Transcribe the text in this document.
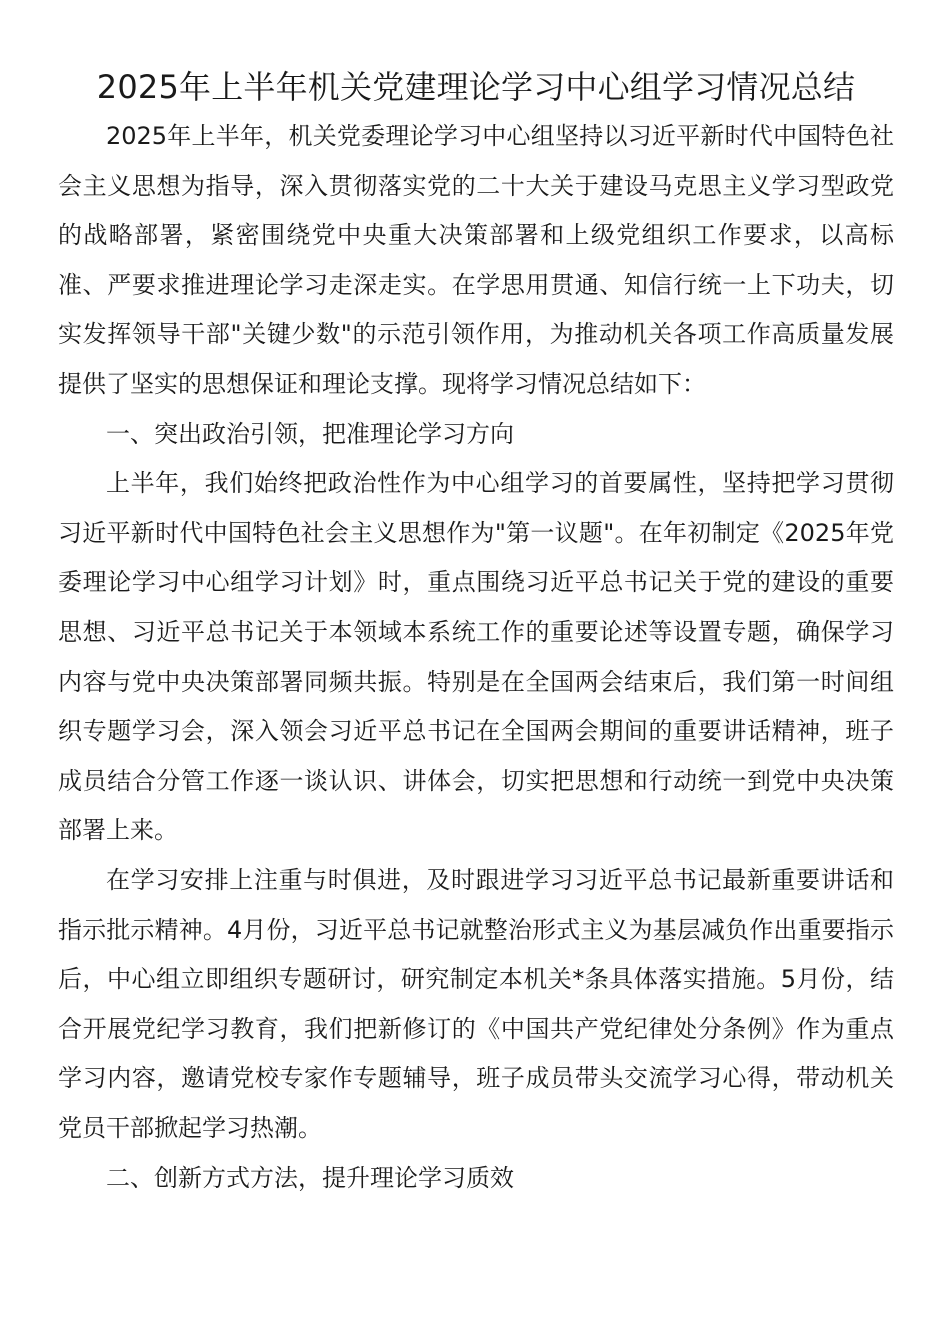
2025年上半年机关党建理论学习中心组学习情况总结

2025年上半年，机关党委理论学习中心组坚持以习近平新时代中国特色社会主义思想为指导，深入贯彻落实党的二十大关于建设马克思主义学习型政党的战略部署，紧密围绕党中央重大决策部署和上级党组织工作要求，以高标准、严要求推进理论学习走深走实。在学思用贯通、知信行统一上下功夫，切实发挥领导干部"关键少数"的示范引领作用，为推动机关各项工作高质量发展提供了坚实的思想保证和理论支撑。现将学习情况总结如下：

一、突出政治引领，把准理论学习方向

上半年，我们始终把政治性作为中心组学习的首要属性，坚持把学习贯彻习近平新时代中国特色社会主义思想作为"第一议题"。在年初制定《2025年党委理论学习中心组学习计划》时，重点围绕习近平总书记关于党的建设的重要思想、习近平总书记关于本领域本系统工作的重要论述等设置专题，确保学习内容与党中央决策部署同频共振。特别是在全国两会结束后，我们第一时间组织专题学习会，深入领会习近平总书记在全国两会期间的重要讲话精神，班子成员结合分管工作逐一谈认识、讲体会，切实把思想和行动统一到党中央决策部署上来。

在学习安排上注重与时俱进，及时跟进学习习近平总书记最新重要讲话和指示批示精神。4月份，习近平总书记就整治形式主义为基层减负作出重要指示后，中心组立即组织专题研讨，研究制定本机关*条具体落实措施。5月份，结合开展党纪学习教育，我们把新修订的《中国共产党纪律处分条例》作为重点学习内容，邀请党校专家作专题辅导，班子成员带头交流学习心得，带动机关党员干部掀起学习热潮。

二、创新方式方法，提升理论学习质效
